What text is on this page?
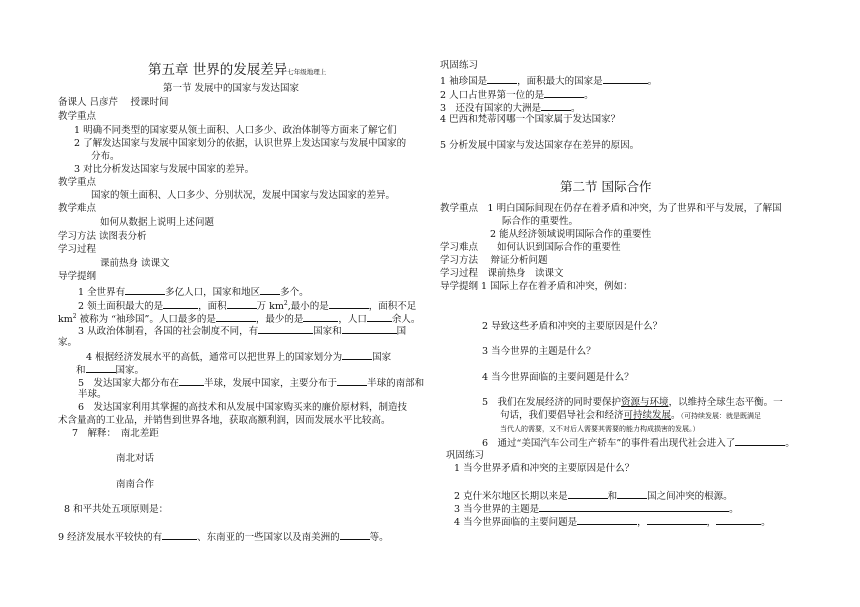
第五章 世界的发展差异七年级地理上
第一节 发展中的国家与发达国家
备课人 吕彦芹　 授课时间
教学重点
1 明确不同类型的国家要从领土面积、人口多少、政治体制等方面来了解它们
2 了解发达国家与发展中国家划分的依据，认识世界上发达国家与发展中国家的
分布。
3 对比分析发达国家与发展中国家的差异。
教学重点
国家的领土面积、人口多少、分别状况，发展中国家与发达国家的差异。
教学难点
如何从数据上说明上述问题
学习方法 读图表分析
学习过程
课前热身 读课文
导学提纲
1 全世界有	多亿人口，国家和地区 多个。
2 领土面积最大的是	，面积	万 $km^2$,最小的是	，面积不足
$km^2$ 被称为 “袖珍国”。人口最多的是	，最少的是	，人口	余人。
3 从政治体制看，各国的社会制度不同，有	国家和	国
家。
4 根据经济发展水平的高低，通常可以把世界上的国家划分为	国家
和	国家。
5　发达国家大都分布在	半球，发展中国家，主要分布于	半球的南部和
半球。
6　发达国家利用其掌握的高技术和从发展中国家购买来的廉价原材料，制造技
术含量高的工业品，并销售到世界各地，获取高额利润，因而发展水平比较高。
7　解释：　南北差距
南北对话
南南合作
8 和平共处五项原则是：
9 经济发展水平较快的有	、东南亚的一些国家以及南美洲的	等。
巩固练习
1 袖珍国是	，面积最大的国家是	。
2 人口占世界第一位的是	。
3　还没有国家的大洲是	。
4 巴西和梵蒂冈哪一个国家属于发达国家？
5 分析发展中国家与发达国家存在差异的原因。
第二节 国际合作
教学重点　1 明白国际间现在仍存在着矛盾和冲突，为了世界和平与发展，了解国
际合作的重要性。
2 能从经济领域说明国际合作的重要性
学习难点　　如何认识到国际合作的重要性
学习方法　 辩证分析问题
学习过程　课前热身　读课文
导学提纲 1 国际上存在着矛盾和冲突，例如：
2 导致这些矛盾和冲突的主要原因是什么？
3 当今世界的主题是什么？
4 当今世界面临的主要问题是什么？
5　我们在发展经济的同时要保护资源与环境，以维持全球生态平衡。一
句话，我们要倡导社会和经济可持续发展。（可持续发展：就是既满足
当代人的需要，又不对后人需要其需要的能力构成损害的发展。）
6　通过“美国汽车公司生产轿车”的事件看出现代社会进入了	。
巩固练习
1 当今世界矛盾和冲突的主要原因是什么？
2 克什米尔地区长期以来是	和	国之间冲突的根源。
3 当今世界的主题是	。
4 当今世界面临的主要问题是	，	，	。
